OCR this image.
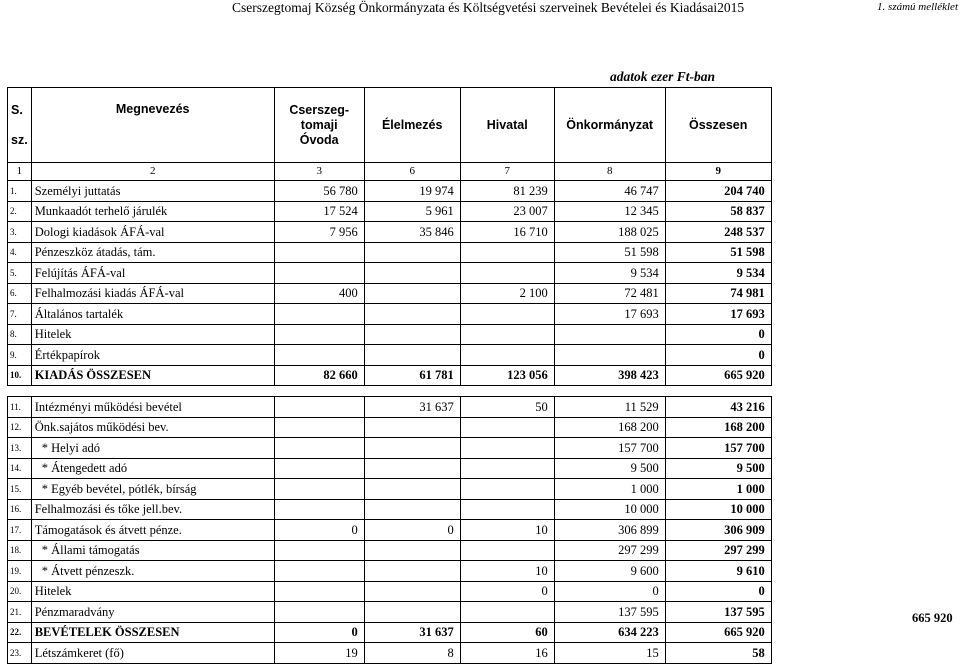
Cserszegtomaj Község Önkormányzata és Költségvetési szerveinek Bevételei és Kiadásai2015	1. számú melléklet
adatok ezer Ft-ban
S.

sz.	Megnevezés	Cserszeg-
tomaji
Óvoda	Élelmezés	Hivatal	Önkormányzat	Összesen
1	2	3	6	7	8	9
1.	Személyi juttatás	56 780	19 974	81 239	46 747	204 740
2.	Munkaadót terhelő járulék	17 524	5 961	23 007	12 345	58 837
3.	Dologi kiadások ÁFÁ-val	7 956	35 846	16 710	188 025	248 537
4.	Pénzeszköz átadás, tám.				51 598	51 598
5.	Felújítás ÁFÁ-val				9 534	9 534
6.	Felhalmozási kiadás ÁFÁ-val	400		2 100	72 481	74 981
7.	Általános tartalék				17 693	17 693
8.	Hitelek					0
9.	Értékpapírok					0
10.	KIADÁS ÖSSZESEN	82 660	61 781	123 056	398 423	665 920

11.	Intézményi működési bevétel		31 637	50	11 529	43 216
12.	Önk.sajátos működési bev.				168 200	168 200
13.	* Helyi adó				157 700	157 700
14.	* Átengedett adó				9 500	9 500
15.	* Egyéb bevétel, pótlék, bírság				1 000	1 000
16.	Felhalmozási és tőke jell.bev.				10 000	10 000
17.	Támogatások és átvett pénze.	0	0	10	306 899	306 909
18.	* Állami támogatás				297 299	297 299
19.	* Átvett pénzeszk.			10	9 600	9 610
20.	Hitelek			0	0	0
21.	Pénzmaradvány				137 595	137 595
22.	BEVÉTELEK ÖSSZESEN	0	31 637	60	634 223	665 920
23.	Létszámkeret (fő)	19	8	16	15	58
665 920
